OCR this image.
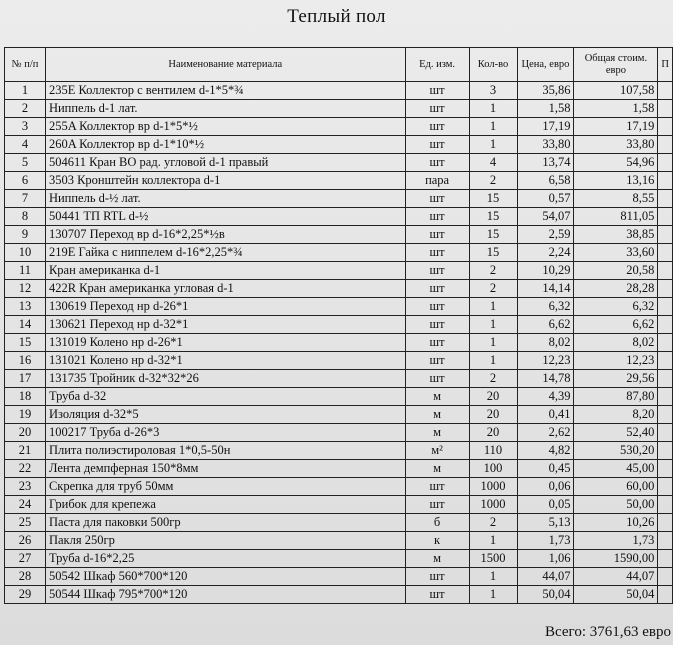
Теплый пол
№ п/п	Наименование материала	Ед. изм.	Кол-во	Цена, евро	Общая стоим. евро	П
1	235E Коллектор с вентилем d-1*5*¾	шт	3	35,86	107,58	
2	Ниппель d-1 лат.	шт	1	1,58	1,58	
3	255A Коллектор вр d-1*5*½	шт	1	17,19	17,19	
4	260A Коллектор вр d-1*10*½	шт	1	33,80	33,80	
5	504611 Кран ВО рад. угловой d-1 правый	шт	4	13,74	54,96	
6	3503 Кронштейн коллектора d-1	пара	2	6,58	13,16	
7	Ниппель d-½ лат.	шт	15	0,57	8,55	
8	50441 ТП RTL d-½	шт	15	54,07	811,05	
9	130707 Переход вр d-16*2,25*½в	шт	15	2,59	38,85	
10	219E Гайка с ниппелем d-16*2,25*¾	шт	15	2,24	33,60	
11	Кран американка d-1	шт	2	10,29	20,58	
12	422R Кран американка угловая d-1	шт	2	14,14	28,28	
13	130619 Переход нр d-26*1	шт	1	6,32	6,32	
14	130621 Переход нр d-32*1	шт	1	6,62	6,62	
15	131019 Колено нр d-26*1	шт	1	8,02	8,02	
16	131021 Колено нр d-32*1	шт	1	12,23	12,23	
17	131735 Тройник d-32*32*26	шт	2	14,78	29,56	
18	Труба d-32	м	20	4,39	87,80	
19	Изоляция d-32*5	м	20	0,41	8,20	
20	100217 Труба d-26*3	м	20	2,62	52,40	
21	Плита полиэстироловая 1*0,5-50н	м²	110	4,82	530,20	
22	Лента демпферная 150*8мм	м	100	0,45	45,00	
23	Скрепка для труб 50мм	шт	1000	0,06	60,00	
24	Грибок для крепежа	шт	1000	0,05	50,00	
25	Паста для паковки 500гр	б	2	5,13	10,26	
26	Пакля 250гр	к	1	1,73	1,73	
27	Труба d-16*2,25	м	1500	1,06	1590,00	
28	50542 Шкаф 560*700*120	шт	1	44,07	44,07	
29	50544 Шкаф 795*700*120	шт	1	50,04	50,04	
Всего: 3761,63 евро
